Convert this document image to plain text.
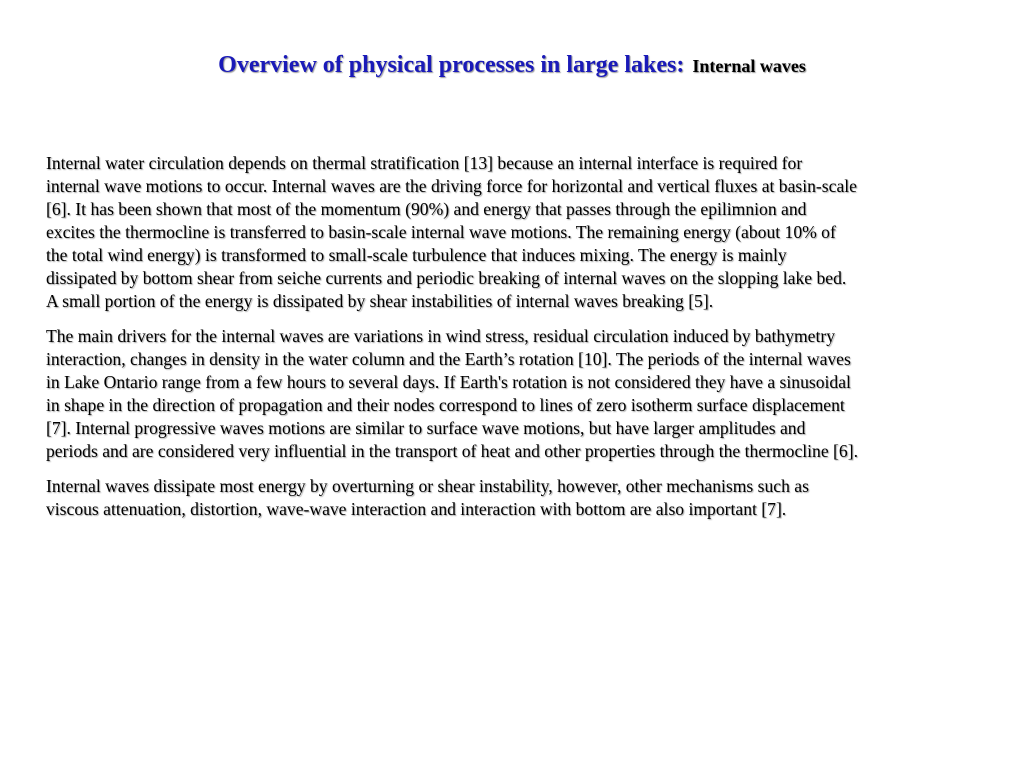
Overview of physical processes in large lakes: Internal waves

Internal water circulation depends on thermal stratification [13] because an internal interface is required for
internal wave motions to occur. Internal waves are the driving force for horizontal and vertical fluxes at basin-scale
[6]. It has been shown that most of the momentum (90%) and energy that passes through the epilimnion and
excites the thermocline is transferred to basin-scale internal wave motions. The remaining energy (about 10% of
the total wind energy) is transformed to small-scale turbulence that induces mixing. The energy is mainly
dissipated by bottom shear from seiche currents and periodic breaking of internal waves on the slopping lake bed.
A small portion of the energy is dissipated by shear instabilities of internal waves breaking [5].

The main drivers for the internal waves are variations in wind stress, residual circulation induced by bathymetry
interaction, changes in density in the water column and the Earth’s rotation [10]. The periods of the internal waves
in Lake Ontario range from a few hours to several days. If Earth's rotation is not considered they have a sinusoidal
in shape in the direction of propagation and their nodes correspond to lines of zero isotherm surface displacement
[7]. Internal progressive waves motions are similar to surface wave motions, but have larger amplitudes and
periods and are considered very influential in the transport of heat and other properties through the thermocline [6].

Internal waves dissipate most energy by overturning or shear instability, however, other mechanisms such as
viscous attenuation, distortion, wave-wave interaction and interaction with bottom are also important [7].
